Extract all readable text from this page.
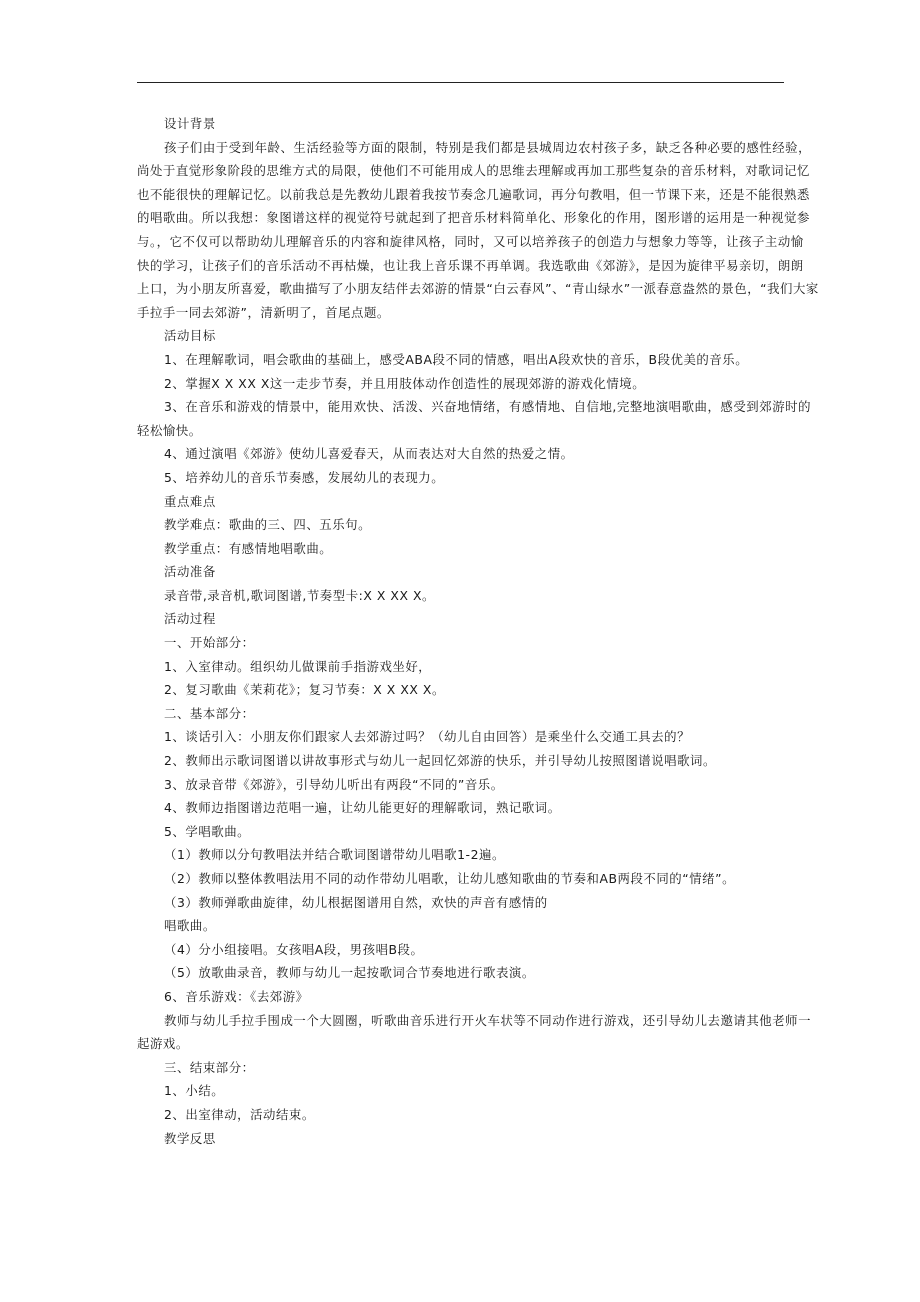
设计背景
孩子们由于受到年龄、生活经验等方面的限制，特别是我们都是县城周边农村孩子多，缺乏各种必要的感性经验，
尚处于直觉形象阶段的思维方式的局限，使他们不可能用成人的思维去理解或再加工那些复杂的音乐材料，对歌词记忆
也不能很快的理解记忆。以前我总是先教幼儿跟着我按节奏念几遍歌词，再分句教唱，但一节课下来，还是不能很熟悉
的唱歌曲。所以我想：象图谱这样的视觉符号就起到了把音乐材料简单化、形象化的作用，图形谱的运用是一种视觉参
与。，它不仅可以帮助幼儿理解音乐的内容和旋律风格，同时，又可以培养孩子的创造力与想象力等等，让孩子主动愉
快的学习，让孩子们的音乐活动不再枯燥，也让我上音乐课不再单调。我选歌曲《郊游》，是因为旋律平易亲切，朗朗
上口，为小朋友所喜爱，歌曲描写了小朋友结伴去郊游的情景“白云春风”、“青山绿水”一派春意盎然的景色，“我们大家
手拉手一同去郊游”，清新明了，首尾点题。
活动目标
1、在理解歌词，唱会歌曲的基础上，感受ABA段不同的情感，唱出A段欢快的音乐，B段优美的音乐。
2、掌握X X XX X这一走步节奏，并且用肢体动作创造性的展现郊游的游戏化情境。
3、在音乐和游戏的情景中，能用欢快、活泼、兴奋地情绪，有感情地、自信地,完整地演唱歌曲，感受到郊游时的
轻松愉快。
4、通过演唱《郊游》使幼儿喜爱春天，从而表达对大自然的热爱之情。
5、培养幼儿的音乐节奏感，发展幼儿的表现力。
重点难点
教学难点：歌曲的三、四、五乐句。
教学重点：有感情地唱歌曲。
活动准备
录音带,录音机,歌词图谱,节奏型卡:X X XX X。
活动过程
一、开始部分：
1、入室律动。组织幼儿做课前手指游戏坐好，
2、复习歌曲《茉莉花》；复习节奏：X X XX X。
二、基本部分：
1、谈话引入：小朋友你们跟家人去郊游过吗？（幼儿自由回答）是乘坐什么交通工具去的？
2、教师出示歌词图谱以讲故事形式与幼儿一起回忆郊游的快乐，并引导幼儿按照图谱说唱歌词。
3、放录音带《郊游》，引导幼儿听出有两段“不同的”音乐。
4、教师边指图谱边范唱一遍，让幼儿能更好的理解歌词，熟记歌词。
5、学唱歌曲。
（1）教师以分句教唱法并结合歌词图谱带幼儿唱歌1-2遍。
（2）教师以整体教唱法用不同的动作带幼儿唱歌，让幼儿感知歌曲的节奏和AB两段不同的“情绪”。
（3）教师弹歌曲旋律，幼儿根据图谱用自然，欢快的声音有感情的
唱歌曲。
（4）分小组接唱。女孩唱A段，男孩唱B段。
（5）放歌曲录音，教师与幼儿一起按歌词合节奏地进行歌表演。
6、音乐游戏：《去郊游》
教师与幼儿手拉手围成一个大圆圈，听歌曲音乐进行开火车状等不同动作进行游戏，还引导幼儿去邀请其他老师一
起游戏。
三、结束部分：
1、小结。
2、出室律动，活动结束。
教学反思
